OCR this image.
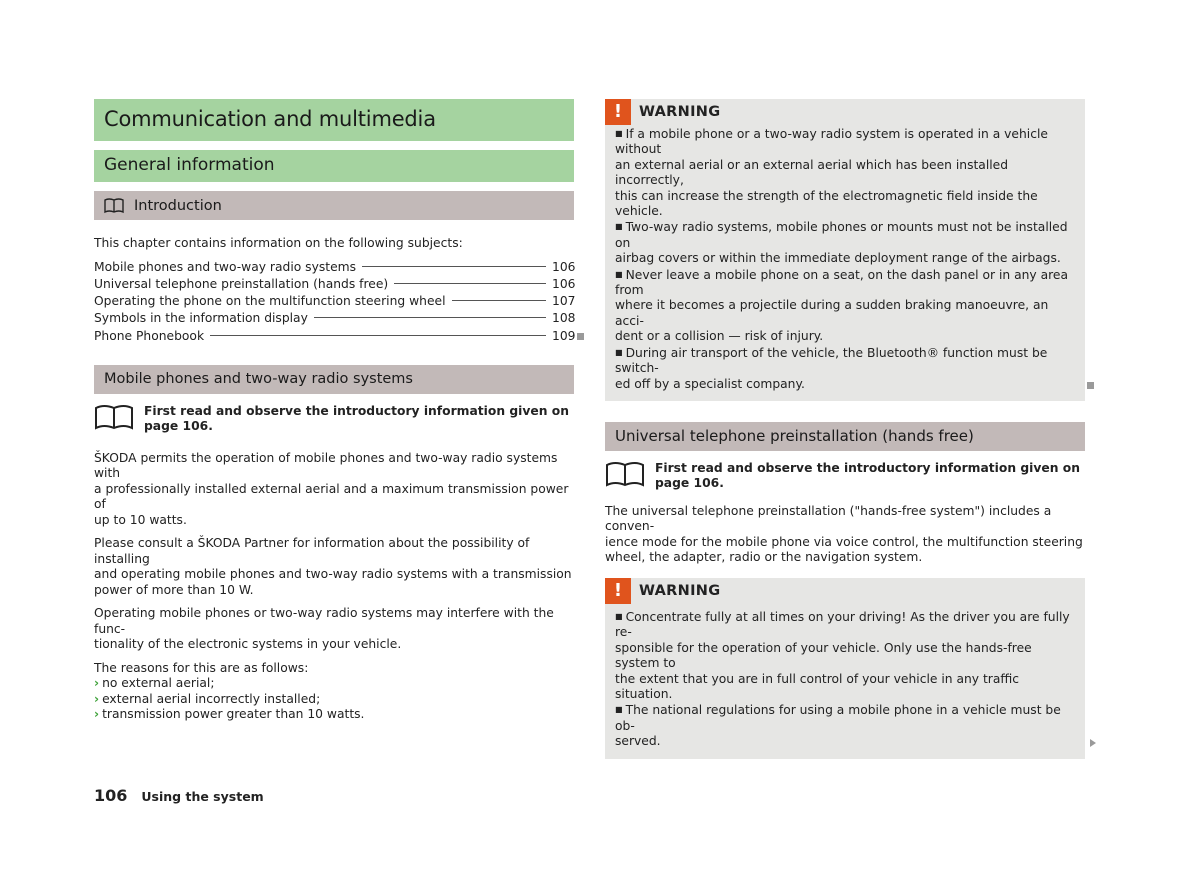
Communication and multimedia
General information
Introduction

This chapter contains information on the following subjects:

Mobile phones and two-way radio systems	106
Universal telephone preinstallation (hands free)	106
Operating the phone on the multifunction steering wheel	107
Symbols in the information display	108
Phone Phonebook	109
Mobile phones and two-way radio systems
First read and observe the introductory information given on page 106.
ŠKODA permits the operation of mobile phones and two-way radio systems with
a professionally installed external aerial and a maximum transmission power of
up to 10 watts.
Please consult a ŠKODA Partner for information about the possibility of installing
and operating mobile phones and two-way radio systems with a transmission
power of more than 10 W.
Operating mobile phones or two-way radio systems may interfere with the func-
tionality of the electronic systems in your vehicle.
The reasons for this are as follows:
› no external aerial;
› external aerial incorrectly installed;
› transmission power greater than 10 watts.
!	WARNING
■ If a mobile phone or a two-way radio system is operated in a vehicle without
an external aerial or an external aerial which has been installed incorrectly,
this can increase the strength of the electromagnetic field inside the vehicle.
■ Two-way radio systems, mobile phones or mounts must not be installed on
airbag covers or within the immediate deployment range of the airbags.
■ Never leave a mobile phone on a seat, on the dash panel or in any area from
where it becomes a projectile during a sudden braking manoeuvre, an acci-
dent or a collision — risk of injury.
■ During air transport of the vehicle, the Bluetooth® function must be switch-
ed off by a specialist company.
Universal telephone preinstallation (hands free)
First read and observe the introductory information given on page 106.
The universal telephone preinstallation ("hands-free system") includes a conven-
ience mode for the mobile phone via voice control, the multifunction steering
wheel, the adapter, radio or the navigation system.
!	WARNING
■ Concentrate fully at all times on your driving! As the driver you are fully re-
sponsible for the operation of your vehicle. Only use the hands-free system to
the extent that you are in full control of your vehicle in any traffic situation.
■ The national regulations for using a mobile phone in a vehicle must be ob-
served.
106 Using the system
